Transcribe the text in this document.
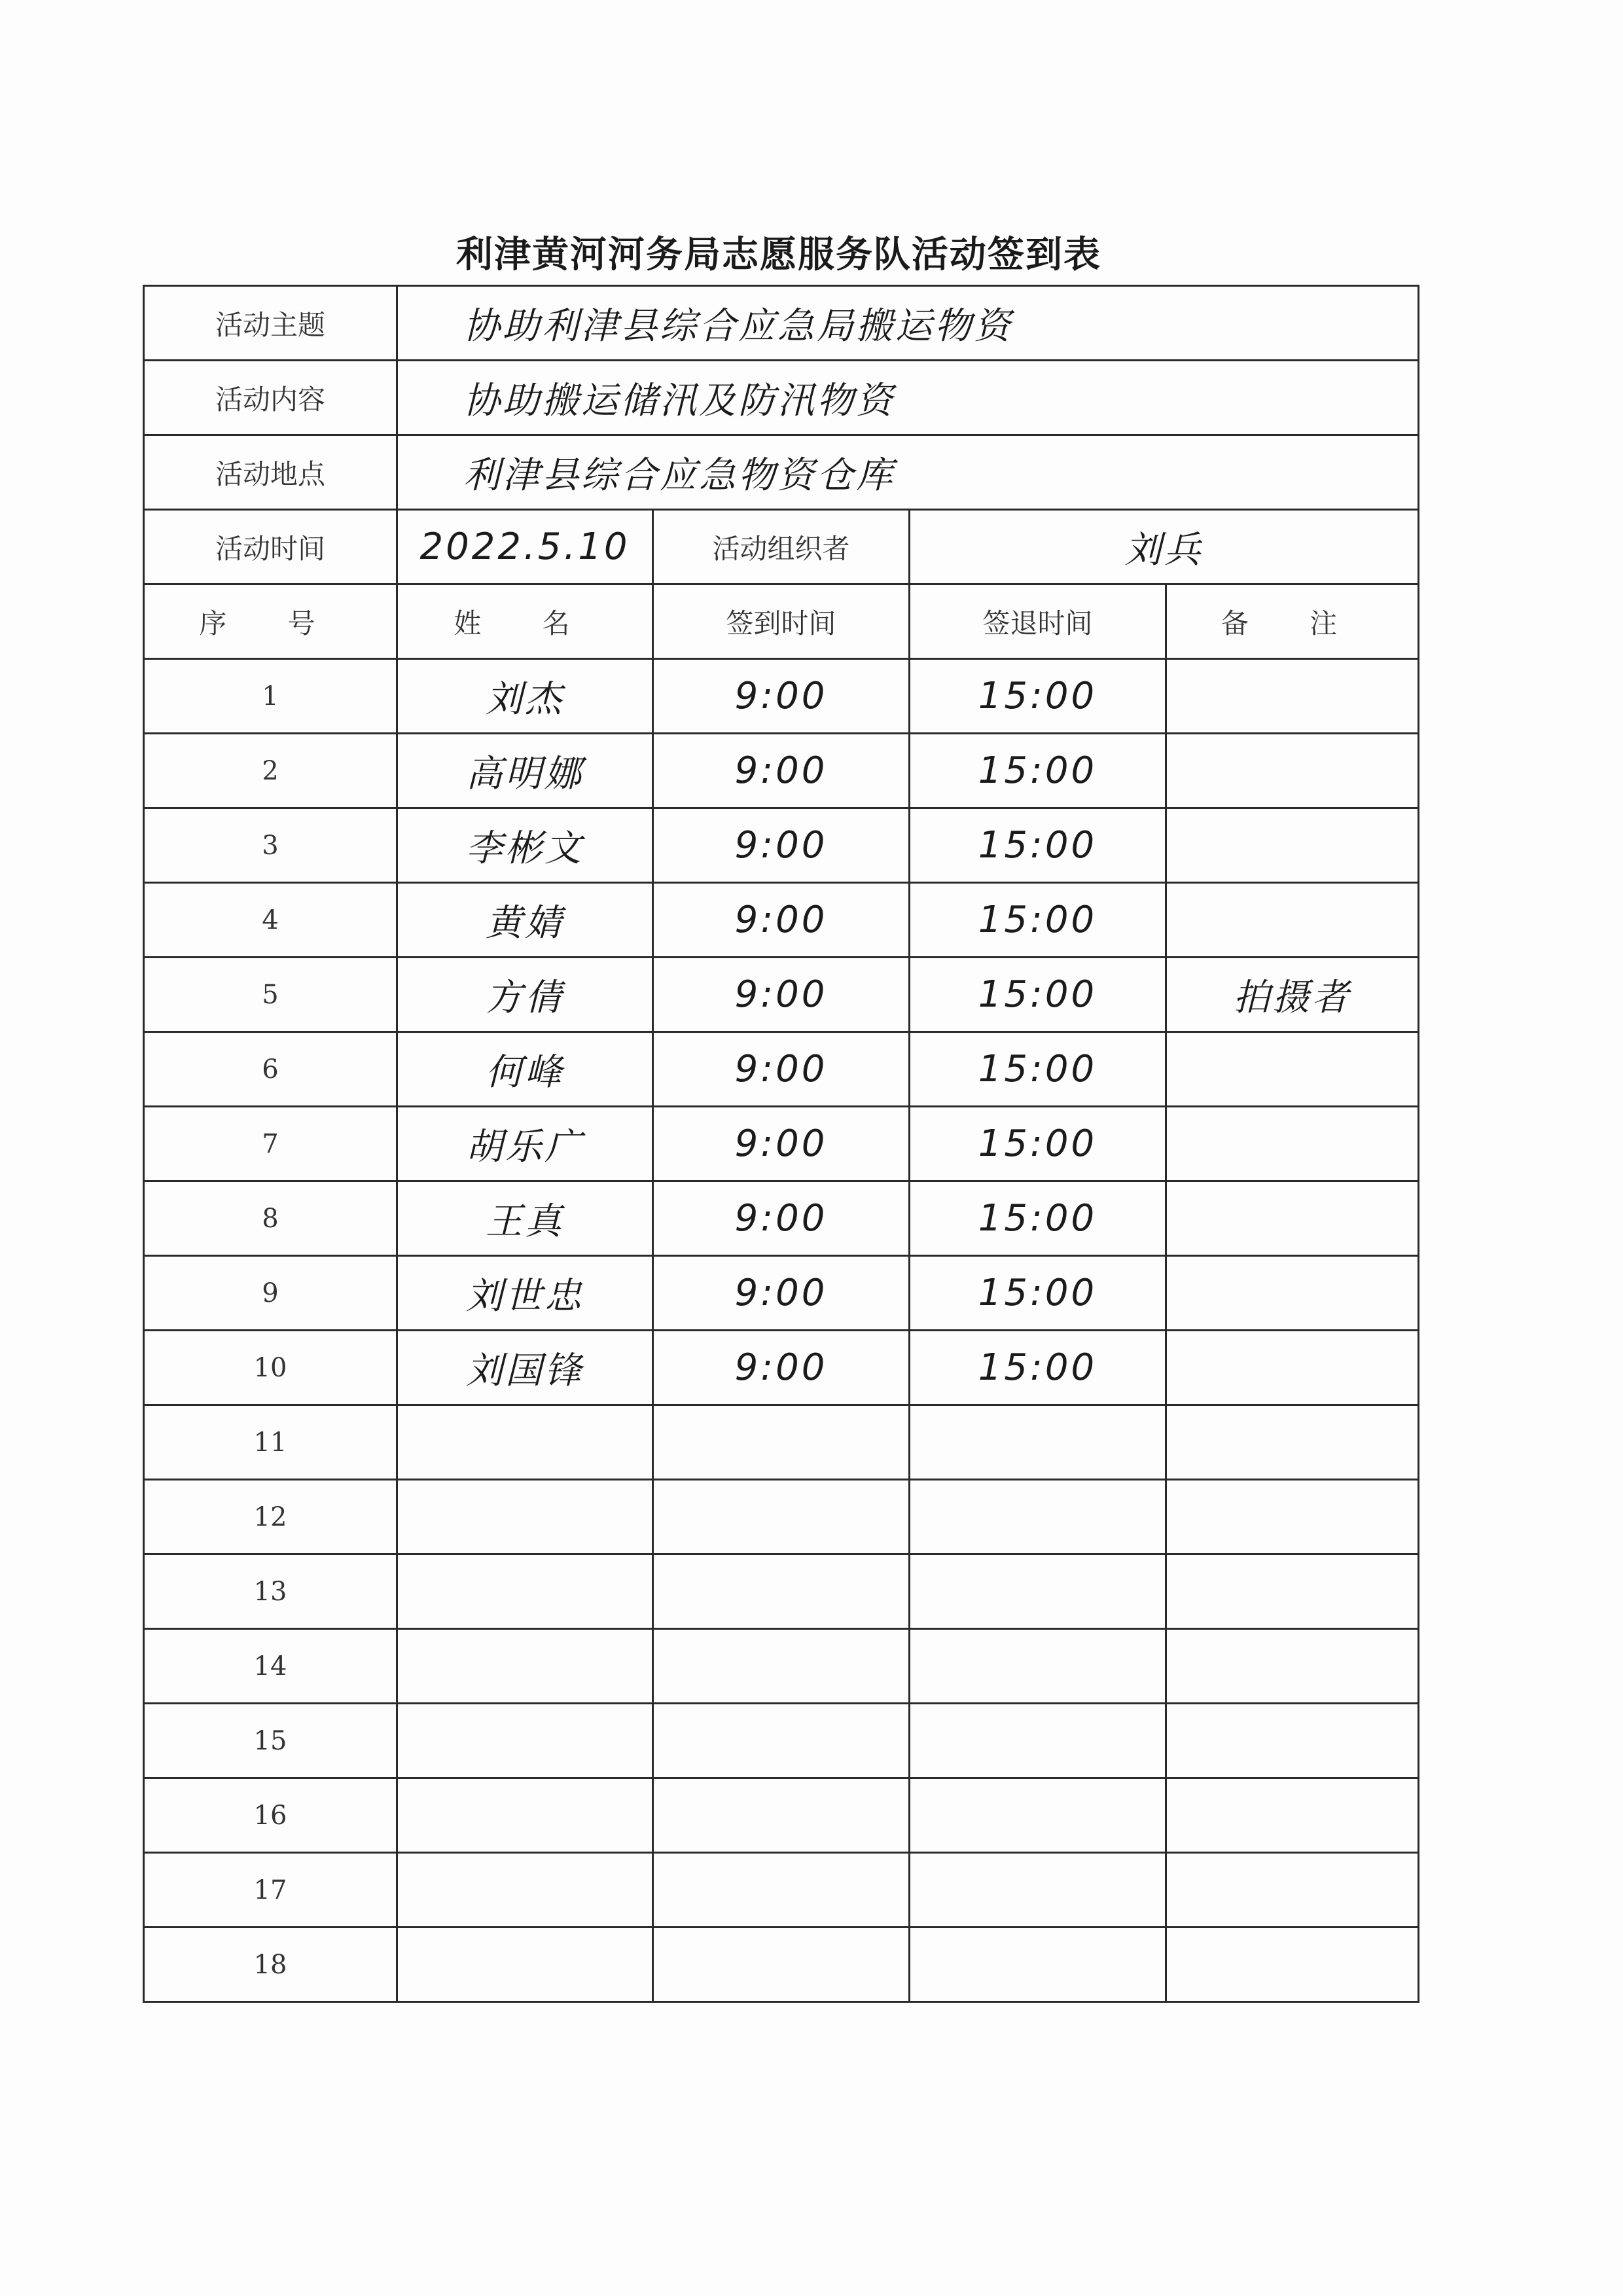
利津黄河河务局志愿服务队活动签到表
活动主题	协助利津县综合应急局搬运物资			
活动内容	协助搬运储汛及防汛物资			
活动地点	利津县综合应急物资仓库			
活动时间	2022.5.10	活动组织者	刘兵	
序 号	姓 名	签到时间	签退时间	备 注
1	刘杰	9:00	15:00	
2	高明娜	9:00	15:00	
3	李彬文	9:00	15:00	
4	黄婧	9:00	15:00	
5	方倩	9:00	15:00	拍摄者
6	何峰	9:00	15:00	
7	胡乐广	9:00	15:00	
8	王真	9:00	15:00	
9	刘世忠	9:00	15:00	
10	刘国锋	9:00	15:00	
11				
12				
13				
14				
15				
16				
17				
18				
